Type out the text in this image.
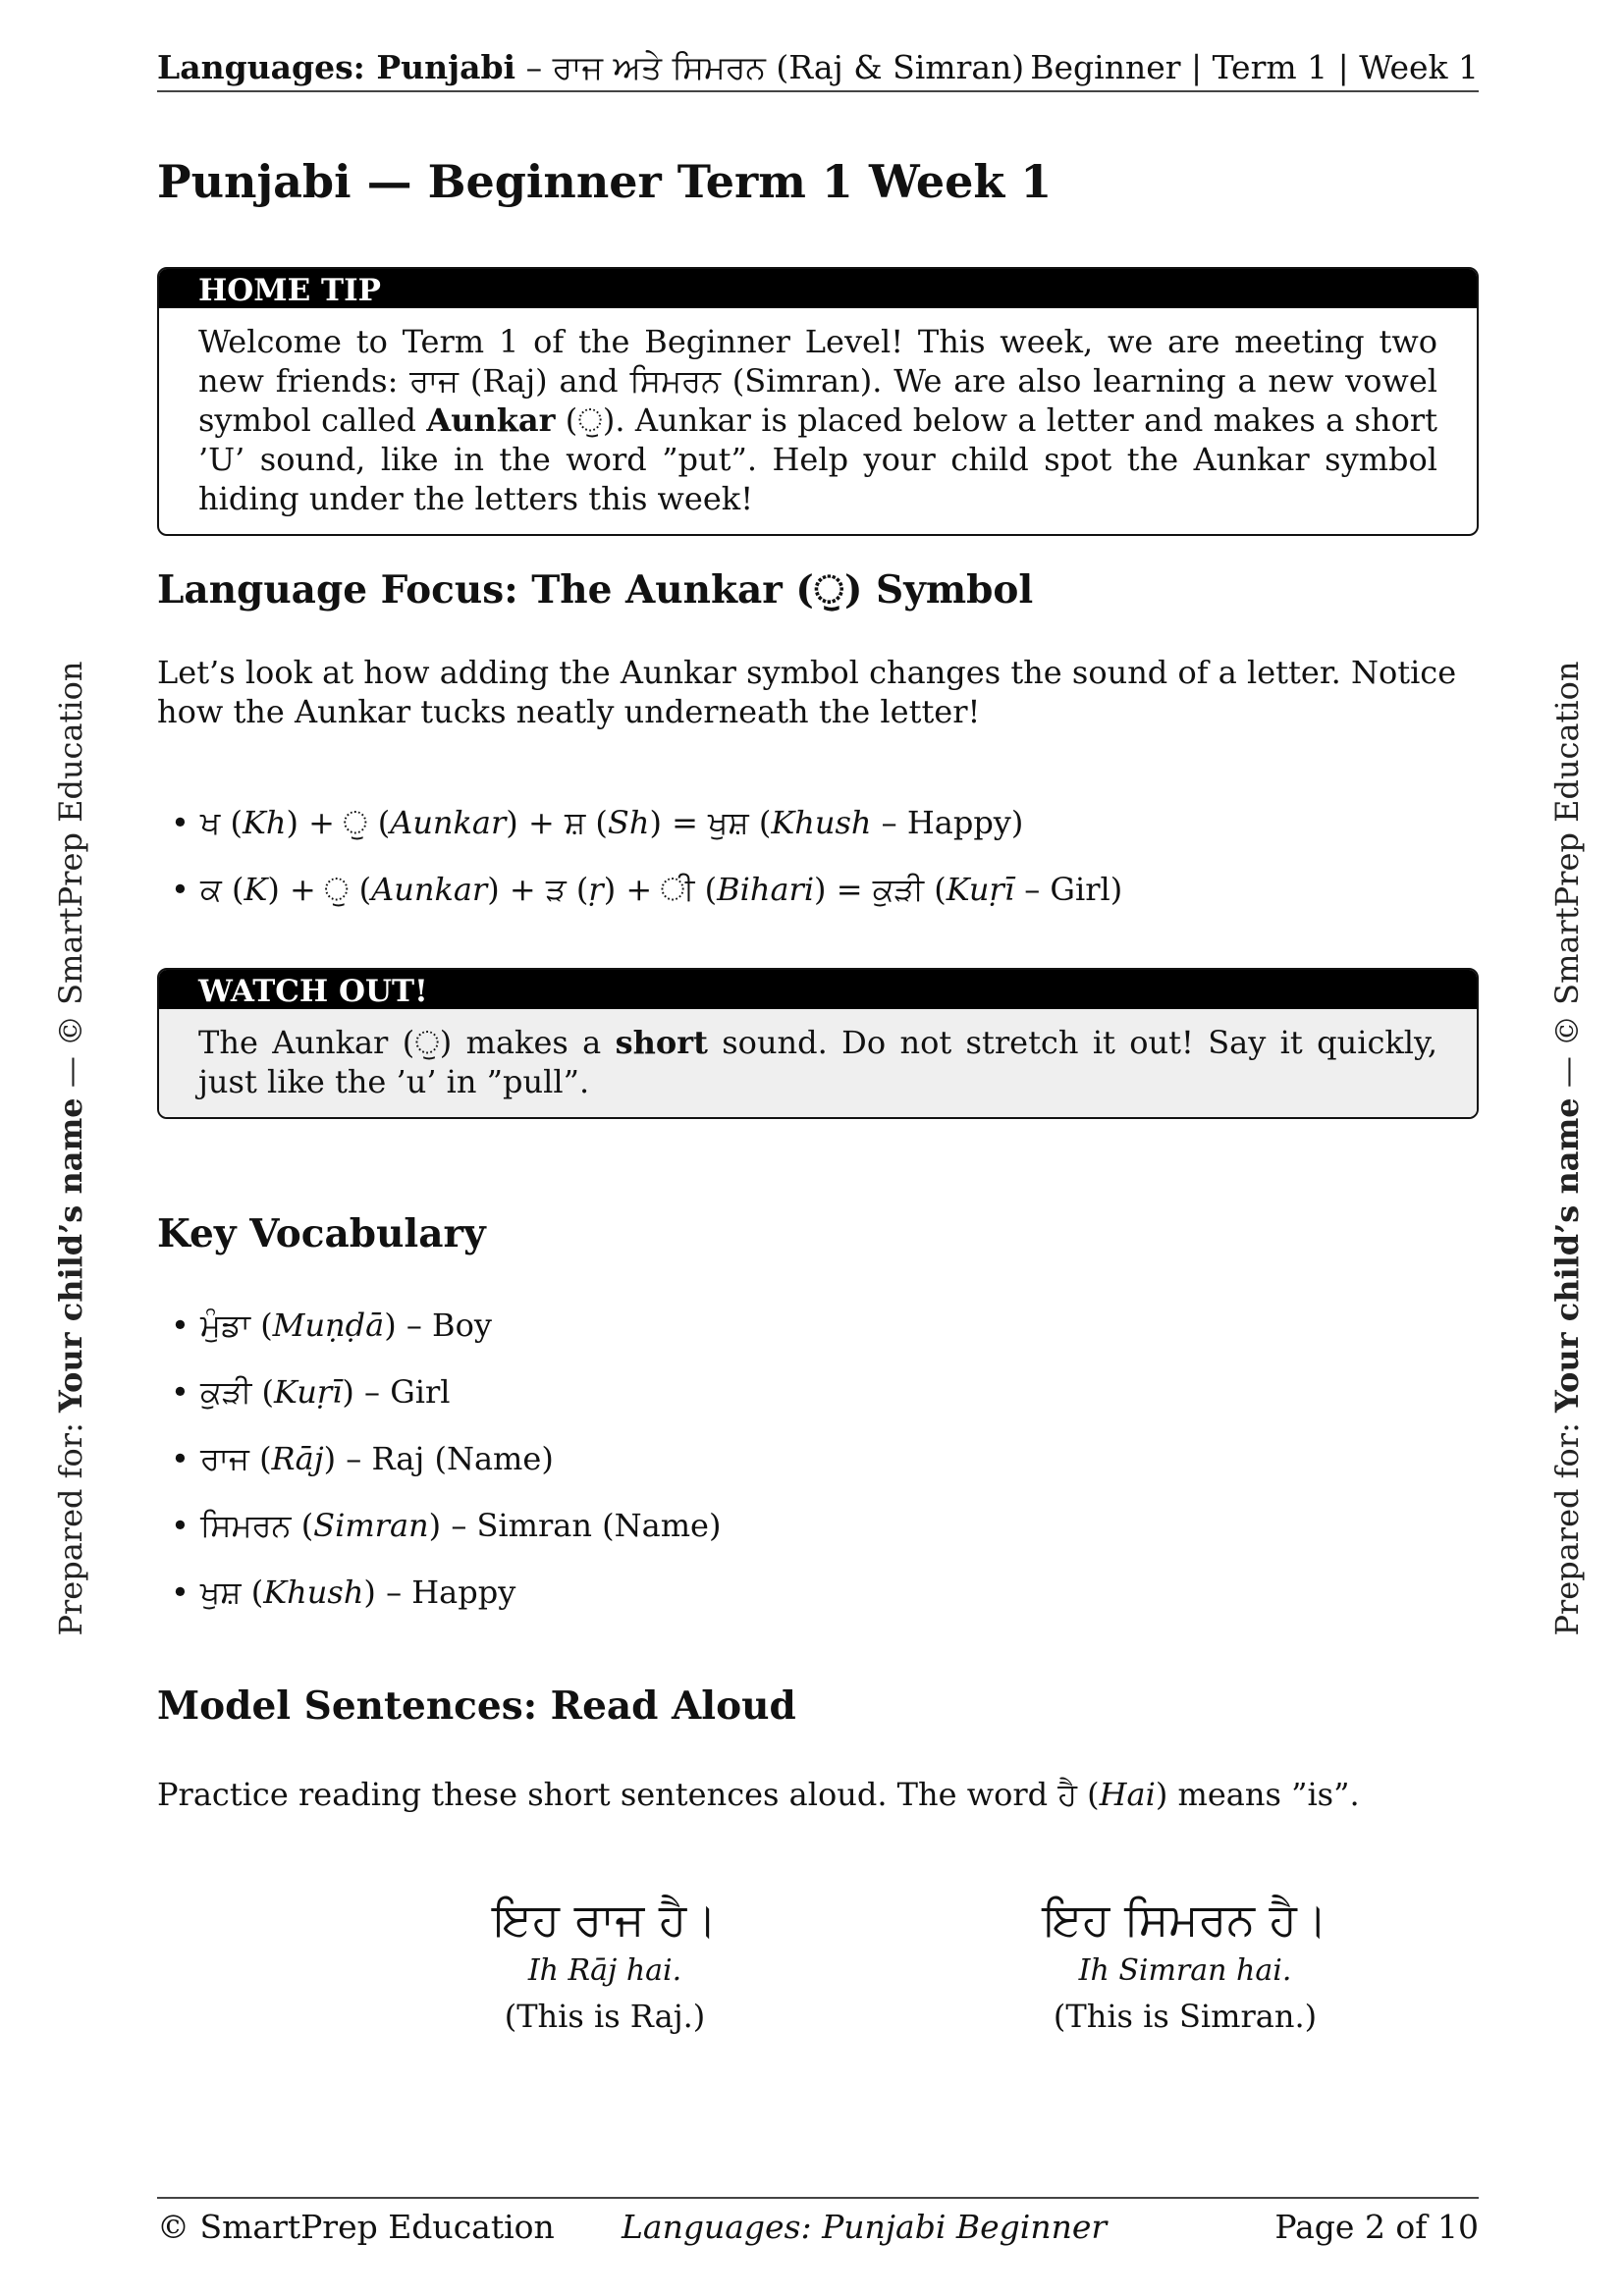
Languages: Punjabi – ਰਾਜ ਅਤੇ ਸਿਮਰਨ (Raj & Simran) Beginner | Term 1 | Week 1
Prepared for: Your child’s name — © SmartPrep Education
Prepared for: Your child’s name — © SmartPrep Education
Punjabi — Beginner Term 1 Week 1
HOME TIP
Welcome to Term 1 of the Beginner Level! This week, we are meeting two new friends: ਰਾਜ (Raj) and ਸਿਮਰਨ (Simran). We are also learning a new vowel symbol called Aunkar (ੁ). Aunkar is placed below a letter and makes a short ’U’ sound, like in the word ”put”. Help your child spot the Aunkar symbol hiding under the letters this week!
Language Focus: The Aunkar (ੁ) Symbol

Let’s look at how adding the Aunkar symbol changes the sound of a letter. Notice how the Aunkar tucks neatly underneath the letter!

• ਖ (Kh) + ੁ (Aunkar) + ਸ਼ (Sh) = ਖੁਸ਼ (Khush – Happy)
• ਕ (K) + ੁ (Aunkar) + ੜ (ṛ) + ੀ (Bihari) = ਕੁੜੀ (Kuṛī – Girl)
WATCH OUT!
The Aunkar (ੁ) makes a short sound. Do not stretch it out! Say it quickly, just like the ’u’ in ”pull”.
Key Vocabulary
• ਮੁੰਡਾ (Muṇḍā) – Boy
• ਕੁੜੀ (Kuṛī) – Girl
• ਰਾਜ (Rāj) – Raj (Name)
• ਸਿਮਰਨ (Simran) – Simran (Name)
• ਖੁਸ਼ (Khush) – Happy
Model Sentences: Read Aloud

Practice reading these short sentences aloud. The word ਹੈ (Hai) means ”is”.

ਇਹ ਰਾਜ ਹੈ।
Ih Rāj hai.
(This is Raj.)
ਇਹ ਸਿਮਰਨ ਹੈ।
Ih Simran hai.
(This is Simran.)
© SmartPrep Education Languages: Punjabi Beginner	Page 2 of 10
